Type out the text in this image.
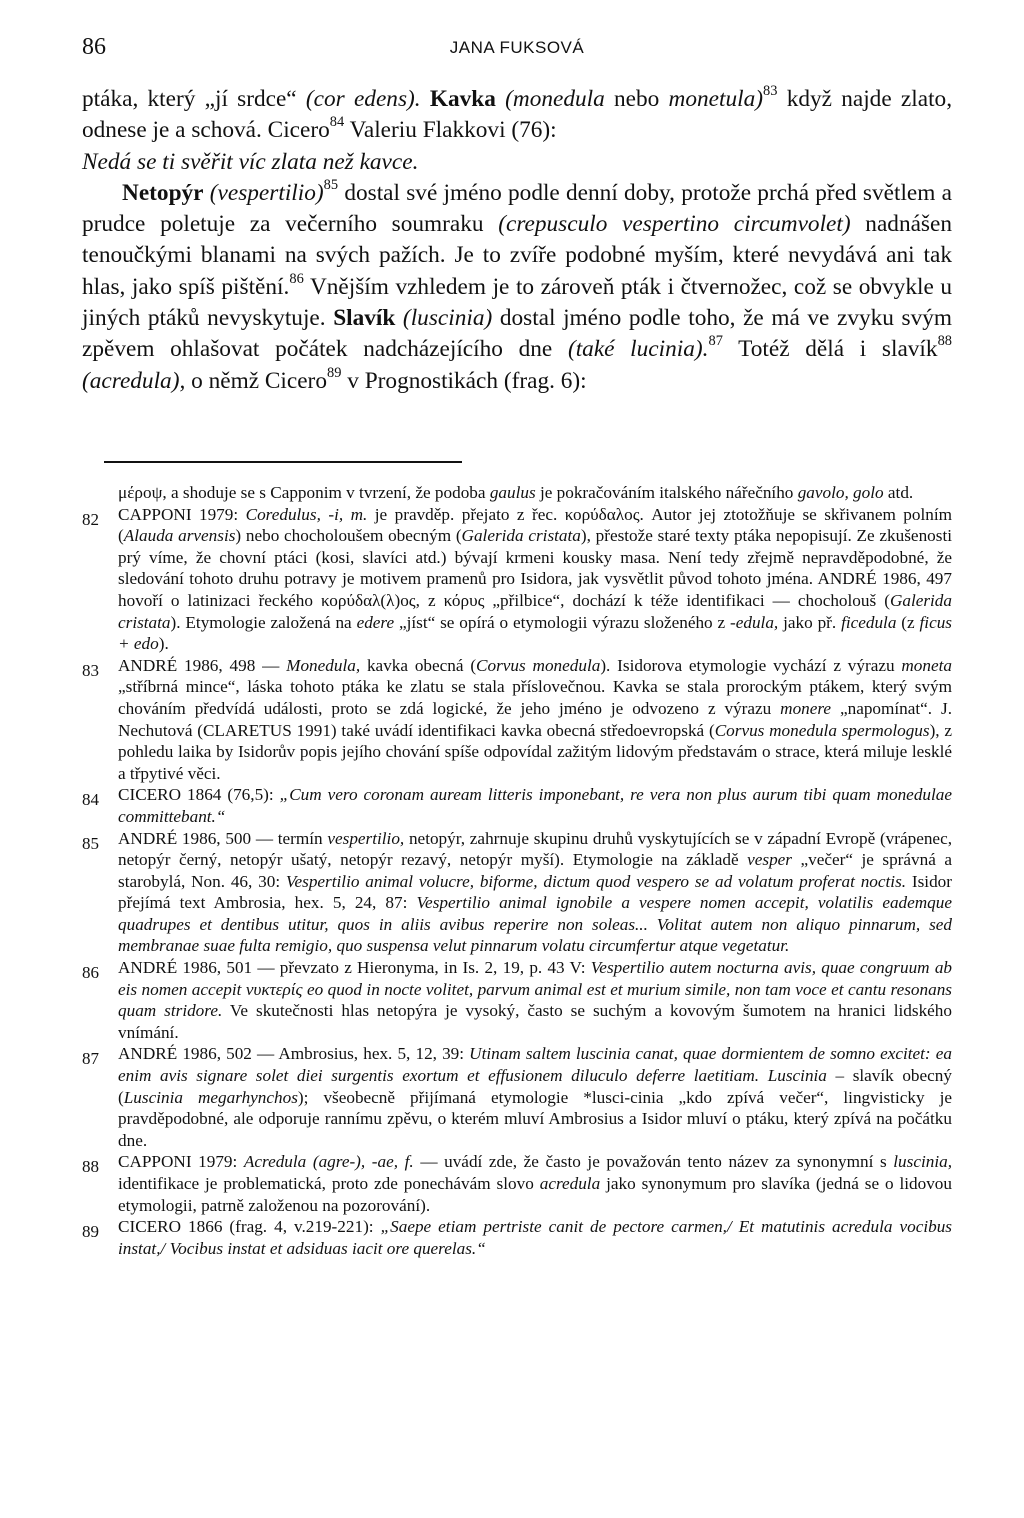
86	JANA FUKSOVÁ

ptáka, který „jí srdce“ (cor edens). Kavka (monedula nebo monetula)$^{83}$ když najde zlato, odnese je a schová. Cicero$^{84}$ Valeriu Flakkovi (76):

Nedá se ti svěřit víc zlata než kavce.

Netopýr (vespertilio)$^{85}$ dostal své jméno podle denní doby, protože prchá před světlem a prudce poletuje za večerního soumraku (crepusculo vespertino circumvolet) nadnášen tenoučkými blanami na svých pažích. Je to zvíře podobné myším, které nevydává ani tak hlas, jako spíš pištění.$^{86}$ Vnějším vzhledem je to zároveň pták i čtvernožec, což se obvykle u jiných ptáků nevyskytuje. Slavík (luscinia) dostal jméno podle toho, že má ve zvyku svým zpěvem ohlašovat počátek nadcházejícího dne (také lucinia).$^{87}$ Totéž dělá i slavík$^{88}$ (acredula), o němž Cicero$^{89}$ v Prognostikách (frag. 6):

μέροψ, a shoduje se s Capponim v tvrzení, že podoba gaulus je pokračováním italského nářečního gavolo, golo atd.
82 CAPPONI 1979: Coredulus, -i, m. je pravděp. přejato z řec. κορύδαλος. Autor jej ztotožňuje se skřivanem polním (Alauda arvensis) nebo chocholoušem obecným (Galerida cristata), přestože staré texty ptáka nepopisují. Ze zkušenosti prý víme, že chovní ptáci (kosi, slavíci atd.) bývají krmeni kousky masa. Není tedy zřejmě nepravděpodobné, že sledování tohoto druhu potravy je motivem pramenů pro Isidora, jak vysvětlit původ tohoto jména. ANDRÉ 1986, 497 hovoří o latinizaci řeckého κορύδαλ(λ)ος, z κόρυς „přilbice“, dochází k téže identifikaci — chocholouš (Galerida cristata). Etymologie založená na edere „jíst“ se opírá o etymologii výrazu složeného z -edula, jako př. ficedula (z ficus + edo).
83 ANDRÉ 1986, 498 — Monedula, kavka obecná (Corvus monedula). Isidorova etymologie vychází z výrazu moneta „stříbrná mince“, láska tohoto ptáka ke zlatu se stala příslovečnou. Kavka se stala prorockým ptákem, který svým chováním předvídá události, proto se zdá logické, že jeho jméno je odvozeno z výrazu monere „napomínat“. J. Nechutová (CLARETUS 1991) také uvádí identifikaci kavka obecná středoevropská (Corvus monedula spermologus), z pohledu laika by Isidorův popis jejího chování spíše odpovídal zažitým lidovým představám o strace, která miluje lesklé a třpytivé věci.
84 CICERO 1864 (76,5): „Cum vero coronam auream litteris imponebant, re vera non plus aurum tibi quam monedulae committebant.“
85 ANDRÉ 1986, 500 — termín vespertilio, netopýr, zahrnuje skupinu druhů vyskytujících se v západní Evropě (vrápenec, netopýr černý, netopýr ušatý, netopýr rezavý, netopýr myší). Etymologie na základě vesper „večer“ je správná a starobylá, Non. 46, 30: Vespertilio animal volucre, biforme, dictum quod vespero se ad volatum proferat noctis. Isidor přejímá text Ambrosia, hex. 5, 24, 87: Vespertilio animal ignobile a vespere nomen accepit, volatilis eademque quadrupes et dentibus utitur, quos in aliis avibus reperire non soleas... Volitat autem non aliquo pinnarum, sed membranae suae fulta remigio, quo suspensa velut pinnarum volatu circumfertur atque vegetatur.
86 ANDRÉ 1986, 501 — převzato z Hieronyma, in Is. 2, 19, p. 43 V: Vespertilio autem nocturna avis, quae congruum ab eis nomen accepit νυκτερίς eo quod in nocte volitet, parvum animal est et murium simile, non tam voce et cantu resonans quam stridore. Ve skutečnosti hlas netopýra je vysoký, často se suchým a kovovým šumotem na hranici lidského vnímání.
87 ANDRÉ 1986, 502 — Ambrosius, hex. 5, 12, 39: Utinam saltem luscinia canat, quae dormientem de somno excitet: ea enim avis signare solet diei surgentis exortum et effusionem diluculo deferre laetitiam. Luscinia – slavík obecný (Luscinia megarhynchos); všeobecně přijímaná etymologie *lusci-cinia „kdo zpívá večer“, lingvisticky je pravděpodobné, ale odporuje rannímu zpěvu, o kterém mluví Ambrosius a Isidor mluví o ptáku, který zpívá na počátku dne.
88 CAPPONI 1979: Acredula (agre-), -ae, f. — uvádí zde, že často je považován tento název za synonymní s luscinia, identifikace je problematická, proto zde ponechávám slovo acredula jako synonymum pro slavíka (jedná se o lidovou etymologii, patrně založenou na pozorování).
89 CICERO 1866 (frag. 4, v.219-221): „Saepe etiam pertriste canit de pectore carmen,/ Et matutinis acredula vocibus instat,/ Vocibus instat et adsiduas iacit ore querelas.“
